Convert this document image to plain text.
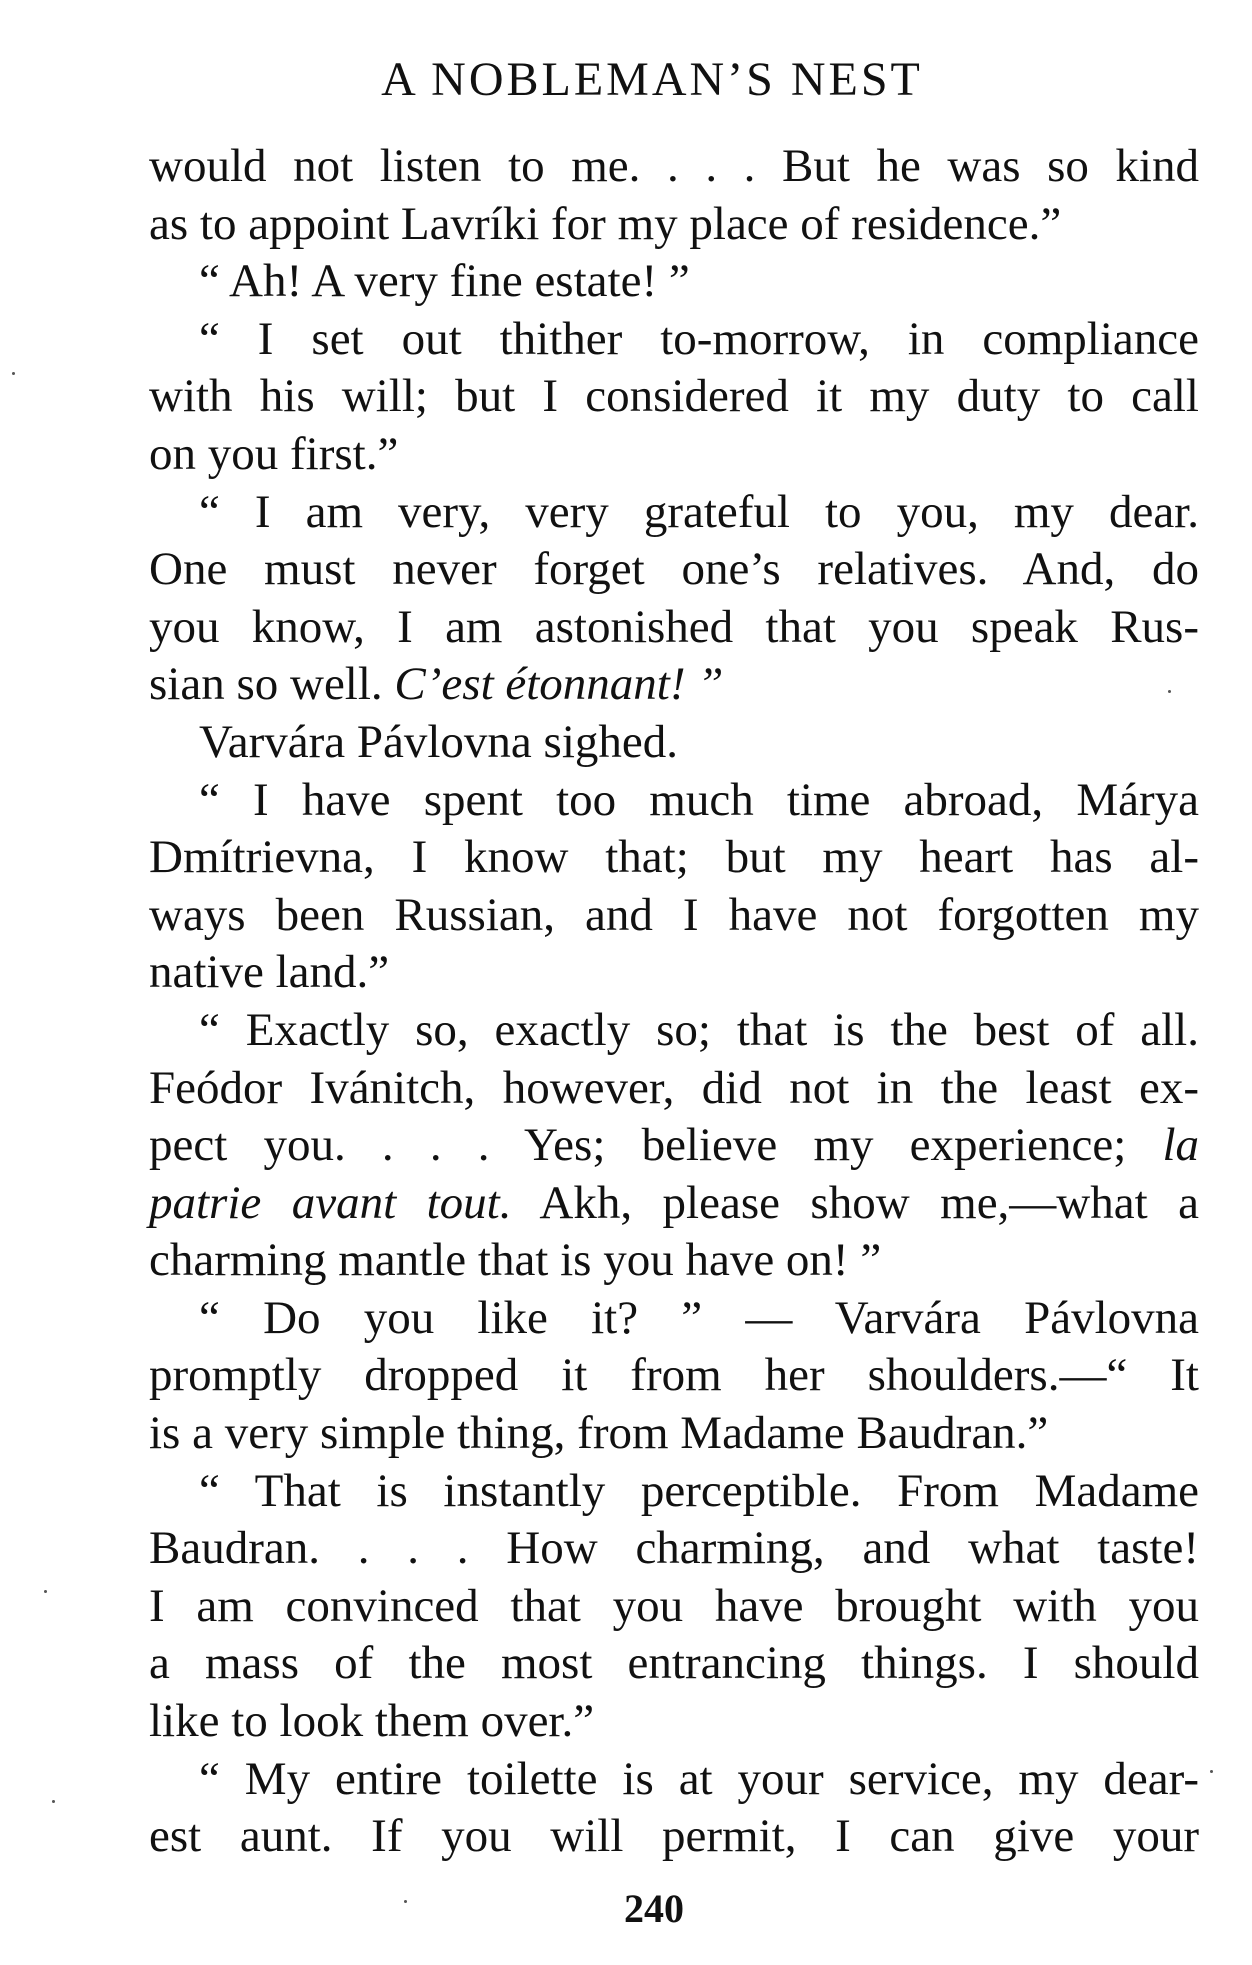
A NOBLEMAN’S NEST
would not listen to me. . . . But he was so kind
as to appoint Lavríki for my place of residence.”
“ Ah! A very fine estate! ”
“ I set out thither to-morrow, in compliance
with his will; but I considered it my duty to call
on you first.”
“ I am very, very grateful to you, my dear.
One must never forget one’s relatives. And, do
you know, I am astonished that you speak Rus-
sian so well. C’est étonnant! ”
Varvára Pávlovna sighed.
“ I have spent too much time abroad, Márya
Dmítrievna, I know that; but my heart has al-
ways been Russian, and I have not forgotten my
native land.”
“ Exactly so, exactly so; that is the best of all.
Feódor Ivánitch, however, did not in the least ex-
pect you. . . . Yes; believe my experience; la
patrie avant tout. Akh, please show me,—what a
charming mantle that is you have on! ”
“ Do you like it? ” — Varvára Pávlovna
promptly dropped it from her shoulders.—“ It
is a very simple thing, from Madame Baudran.”
“ That is instantly perceptible. From Madame
Baudran. . . . How charming, and what taste!
I am convinced that you have brought with you
a mass of the most entrancing things. I should
like to look them over.”
“ My entire toilette is at your service, my dear-
est aunt. If you will permit, I can give your
240
